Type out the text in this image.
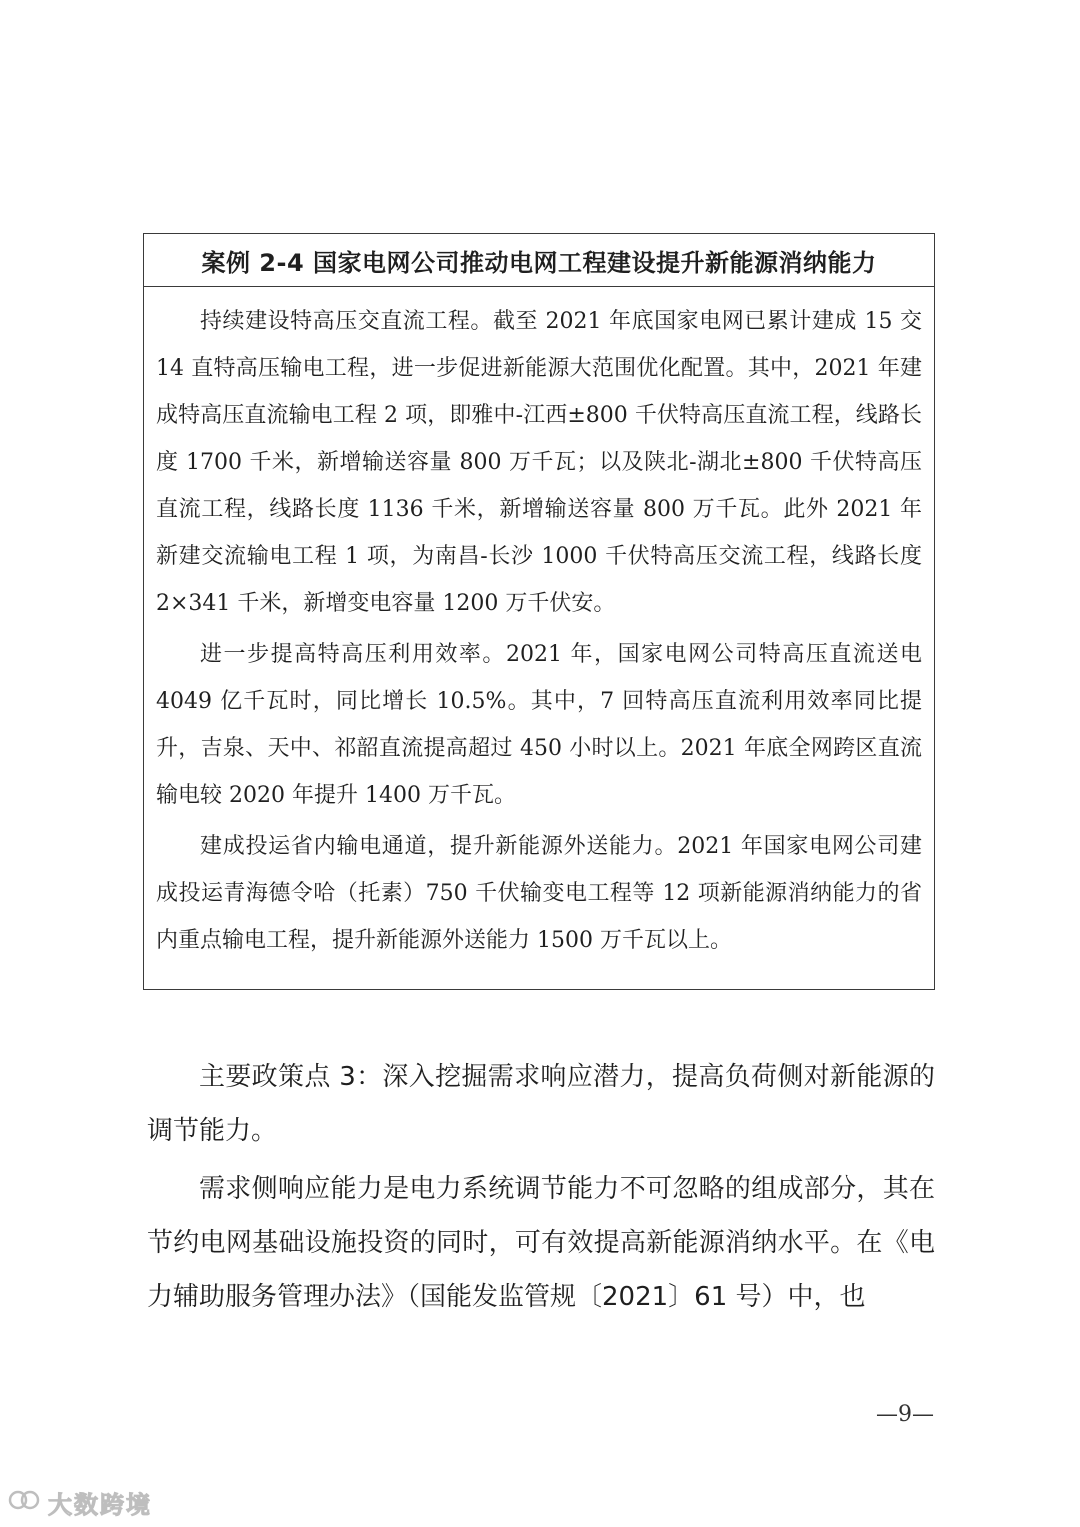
案例 2-4 国家电网公司推动电网工程建设提升新能源消纳能力

持续建设特高压交直流工程。截至 2021 年底国家电网已累计建成 15 交 14 直特高压输电工程，进一步促进新能源大范围优化配置。其中，2021 年建成特高压直流输电工程 2 项，即雅中-江西±800 千伏特高压直流工程，线路长度 1700 千米，新增输送容量 800 万千瓦；以及陕北-湖北±800 千伏特高压直流工程，线路长度 1136 千米，新增输送容量 800 万千瓦。此外 2021 年新建交流输电工程 1 项，为南昌-长沙 1000 千伏特高压交流工程，线路长度 2×341 千米，新增变电容量 1200 万千伏安。

进一步提高特高压利用效率。2021 年，国家电网公司特高压直流送电 4049 亿千瓦时，同比增长 10.5%。其中，7 回特高压直流利用效率同比提升，吉泉、天中、祁韶直流提高超过 450 小时以上。2021 年底全网跨区直流输电较 2020 年提升 1400 万千瓦。

建成投运省内输电通道，提升新能源外送能力。2021 年国家电网公司建成投运青海德令哈（托素）750 千伏输变电工程等 12 项新能源消纳能力的省内重点输电工程，提升新能源外送能力 1500 万千瓦以上。

主要政策点 3：深入挖掘需求响应潜力，提高负荷侧对新能源的调节能力。

需求侧响应能力是电力系统调节能力不可忽略的组成部分，其在节约电网基础设施投资的同时，可有效提高新能源消纳水平。在《电力辅助服务管理办法》（国能发监管规〔2021〕61 号）中，也

—9—
大数跨境
